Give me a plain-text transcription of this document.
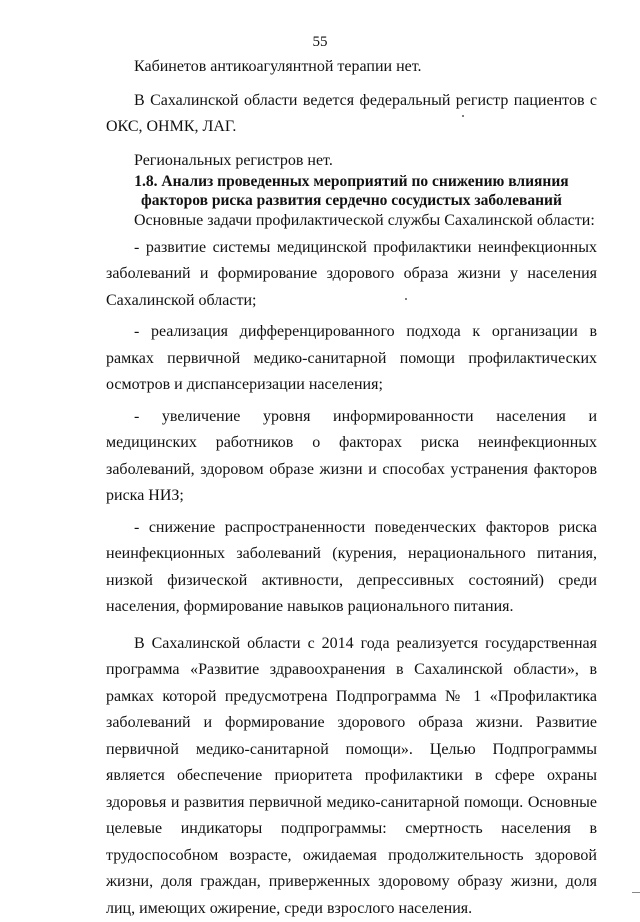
55

Кабинетов антикоагулянтной терапии нет.

В Сахалинской области ведется федеральный регистр пациентов с ОКС, ОНМК, ЛАГ.

Региональных регистров нет.

1.8. Анализ проведенных мероприятий по снижению влияния
факторов риска развития сердечно сосудистых заболеваний

Основные задачи профилактической службы Сахалинской области:

- развитие системы медицинской профилактики неинфекционных заболеваний и формирование здорового образа жизни у населения Сахалинской области;

- реализация дифференцированного подхода к организации в рамках первичной медико-санитарной помощи профилактических осмотров и диспансеризации населения;

- увеличение уровня информированности населения и медицинских работников о факторах риска неинфекционных заболеваний, здоровом образе жизни и способах устранения факторов риска НИЗ;

- снижение распространенности поведенческих факторов риска неинфекционных заболеваний (курения, нерационального питания, низкой физической активности, депрессивных состояний) среди населения, формирование навыков рационального питания.

В Сахалинской области с 2014 года реализуется государственная программа «Развитие здравоохранения в Сахалинской области», в рамках которой предусмотрена Подпрограмма № 1 «Профилактика заболеваний и формирование здорового образа жизни. Развитие первичной медико-санитарной помощи». Целью Подпрограммы является обеспечение приоритета профилактики в сфере охраны здоровья и развития первичной медико-санитарной помощи. Основные целевые индикаторы подпрограммы: смертность населения в трудоспособном возрасте, ожидаемая продолжительность здоровой жизни, доля граждан, приверженных здоровому образу жизни, доля лиц, имеющих ожирение, среди взрослого населения.
